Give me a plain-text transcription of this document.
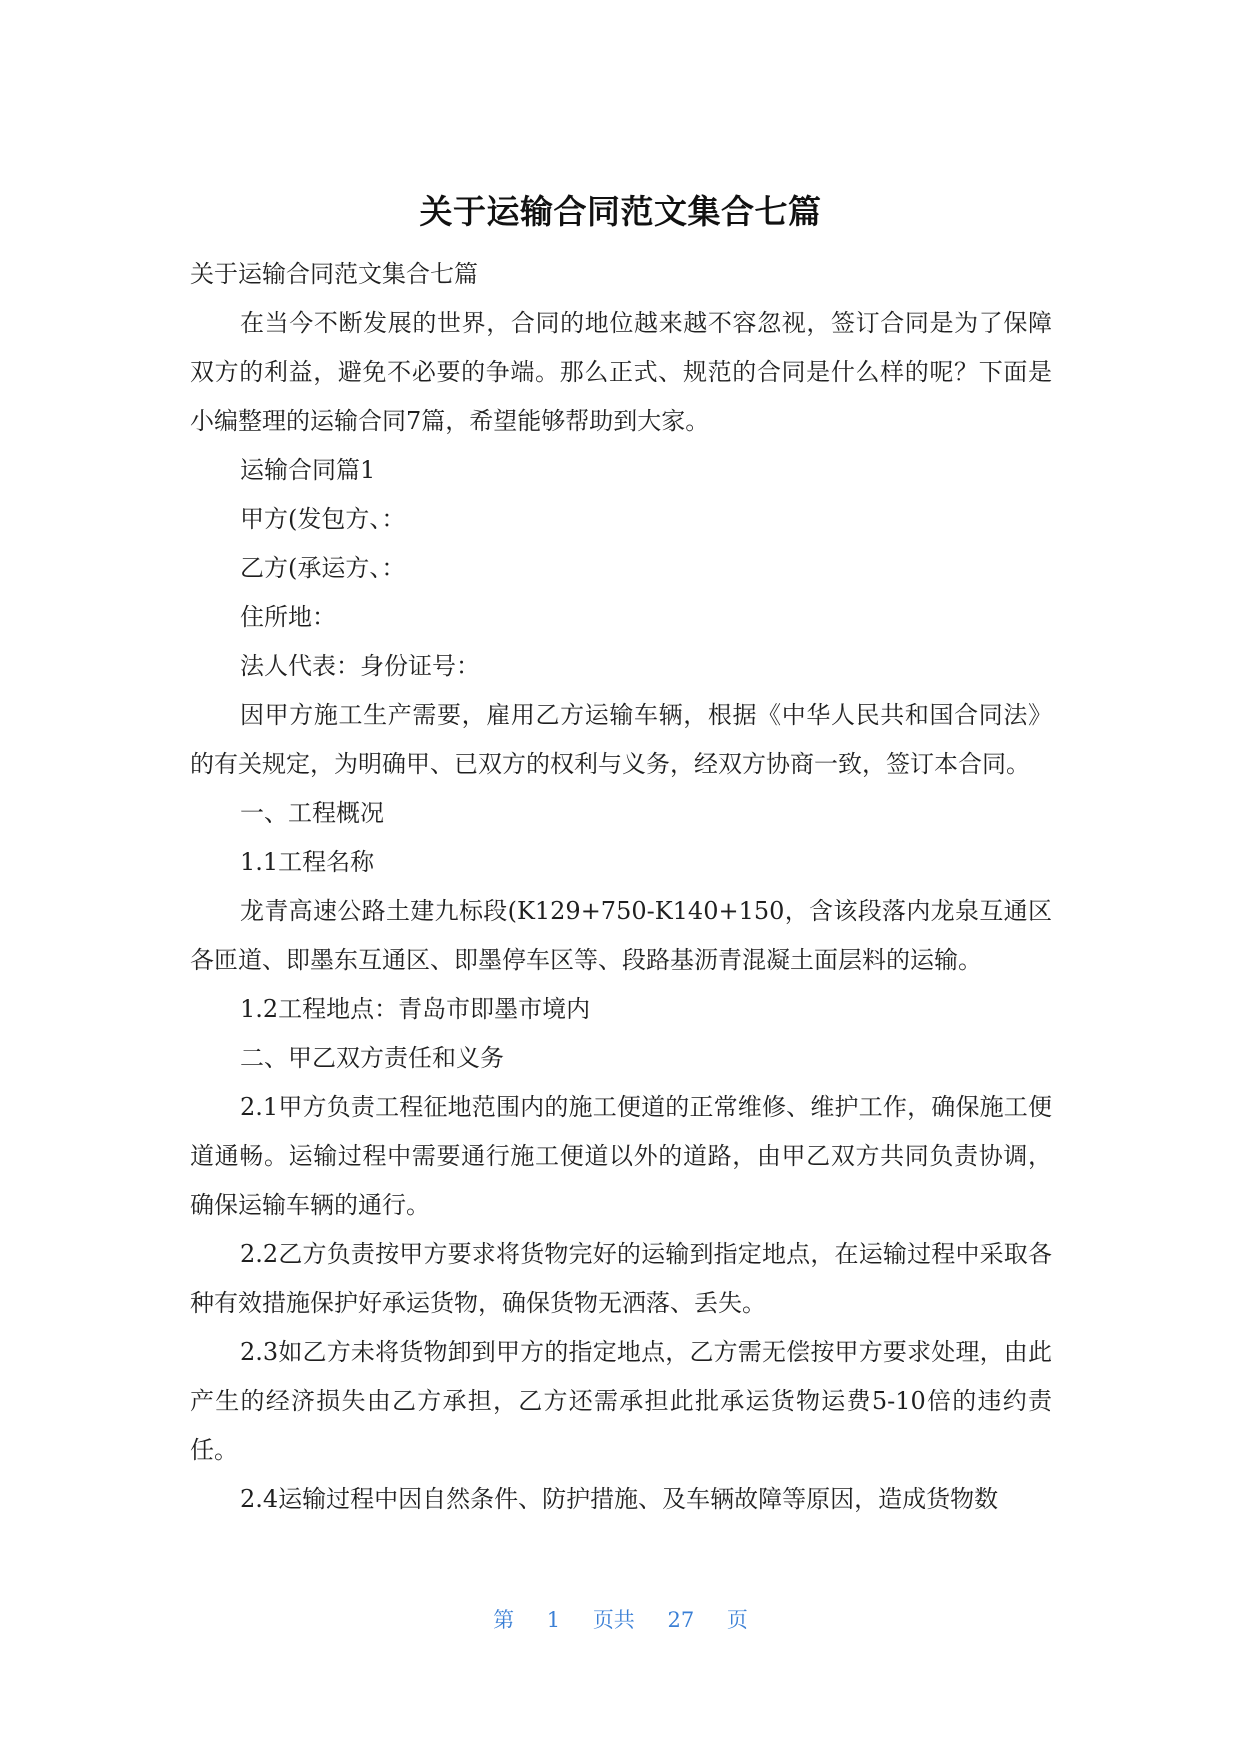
关于运输合同范文集合七篇

关于运输合同范文集合七篇

在当今不断发展的世界，合同的地位越来越不容忽视，签订合同是为了保障双方的利益，避免不必要的争端。那么正式、规范的合同是什么样的呢？下面是小编整理的运输合同7篇，希望能够帮助到大家。

运输合同篇1

甲方(发包方、：

乙方(承运方、：

住所地：

法人代表：身份证号：

因甲方施工生产需要，雇用乙方运输车辆，根据《中华人民共和国合同法》的有关规定，为明确甲、已双方的权利与义务，经双方协商一致，签订本合同。

一、工程概况

1.1工程名称

龙青高速公路土建九标段(K129+750-K140+150，含该段落内龙泉互通区各匝道、即墨东互通区、即墨停车区等、段路基沥青混凝土面层料的运输。

1.2工程地点：青岛市即墨市境内

二、甲乙双方责任和义务

2.1甲方负责工程征地范围内的施工便道的正常维修、维护工作，确保施工便道通畅。运输过程中需要通行施工便道以外的道路，由甲乙双方共同负责协调，确保运输车辆的通行。

2.2乙方负责按甲方要求将货物完好的运输到指定地点，在运输过程中采取各种有效措施保护好承运货物，确保货物无洒落、丢失。

2.3如乙方未将货物卸到甲方的指定地点，乙方需无偿按甲方要求处理，由此产生的经济损失由乙方承担，乙方还需承担此批承运货物运费5-10倍的违约责任。

2.4运输过程中因自然条件、防护措施、及车辆故障等原因，造成货物数

第 1 页共 27 页
